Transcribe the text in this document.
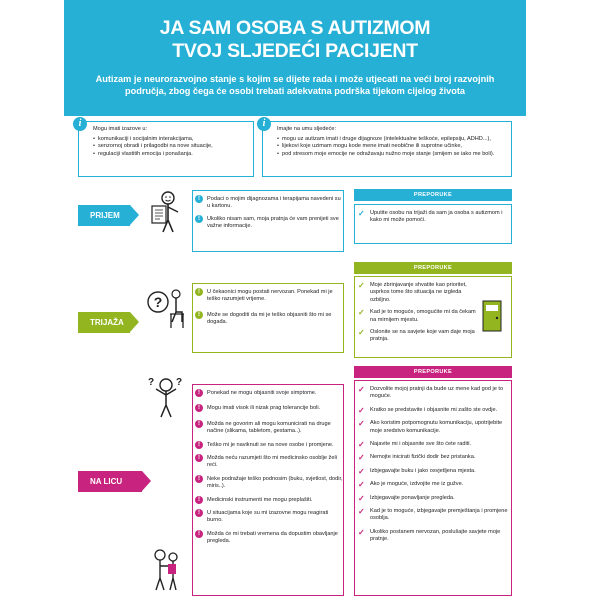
JA SAM OSOBA S AUTIZMOM
TVOJ SLJEDEĆI PACIJENT
Autizam je neurorazvojno stanje s kojim se dijete rada i može utjecati na veći broj razvojnih područja, zbog čega će osobi trebati adekvatna podrška tijekom cijelog života
i	Mogu imati izazove u:
• komunikaciji i socijalnim interakcijama,
• senzornoj obradi i prilagodbi na nove situacije,
• regulaciji vlastitih emocija i ponašanja.
i	Imajte na umu sljedeće:
• mogu uz autizam imati i druge dijagnoze (intelektualne teškoće, epilepsiju, ADHD...),
• lijekovi koje uzimam mogu kode mene imati neobične ili suprotne učinke,
• pod stresom moje emocije ne odražavaju nužno moje stanje (smijem se iako me boli).
PRIJEM
!	Podaci o mojim dijagnozama i terapijama navedeni su u kartonu.
!	Ukoliko nisam sam, moja pratnja će vam prenijeti sve važne informacije.
PREPORUKE
✓ Uputite osobu na trijaži da sam ja osoba s autizmom i kako mi može pomoći.
TRIJAŽA
?
!	U čekaonici mogu postati nervozan. Ponekad mi je teško razumjeti vrijeme.
!	Može se dogoditi da mi je teško objasniti što mi se događa.
PREPORUKE
✓ Moje zbrinjavanje shvatite kao prioritet, usprkos tome što situacija ne izgleda ozbiljno.
✓ Kad je to moguće, omogućite mi da čekam na mirnijem mjestu.
✓ Oslonite se na savjete koje vam daje moja pratnja.
NA LICU MJESTA
? ?
!	Ponekad ne mogu objasniti svoje simptome.
!	Mogu imati visok ili nizak prag tolerancije boli.
!	Možda ne govorim ali mogu komunicirati na druge načine (slikama, tabletom, gestama..).
!	Teško mi je naviknuti se na nove osobe i promjene.
!	Možda neću razumjeti što mi medicinsko osoblje želi reći.
!	Neke podražaje teško podnosim (buku, svjetlost, dodir, miris..).
!	Medicinski instrumenti me mogu preplašiti.
!	U situacijama koje su mi izazovne mogu reagirati burno.
!	Možda će mi trebati vremena da dopustim obavljanje pregleda.
PREPORUKE
✓ Dozvolite mojoj pratnji da bude uz mene kad god je to moguće.
✓ Kratko se predstavite i objasnite mi zašto ste ovdje.
✓ Ako koristim potpomognutu komunikaciju, upotrijebite moje sredstvo komunikacije.
✓ Najavite mi i objasnite sve što ćete raditi.
✓ Nemojte inicirati fizički dodir bez pristanka.
✓ Izbjegavajte buku i jako osvjetljena mjesta.
✓ Ako je moguće, izdvojite me iz gužve.
✓ Izbjegavajte ponavljanje pregleda.
✓ Kad je to moguće, izbjegavajte premještanja i promjene osoblja.
✓ Ukoliko postanem nervozan, poslušajte savjete moje pratnje.
